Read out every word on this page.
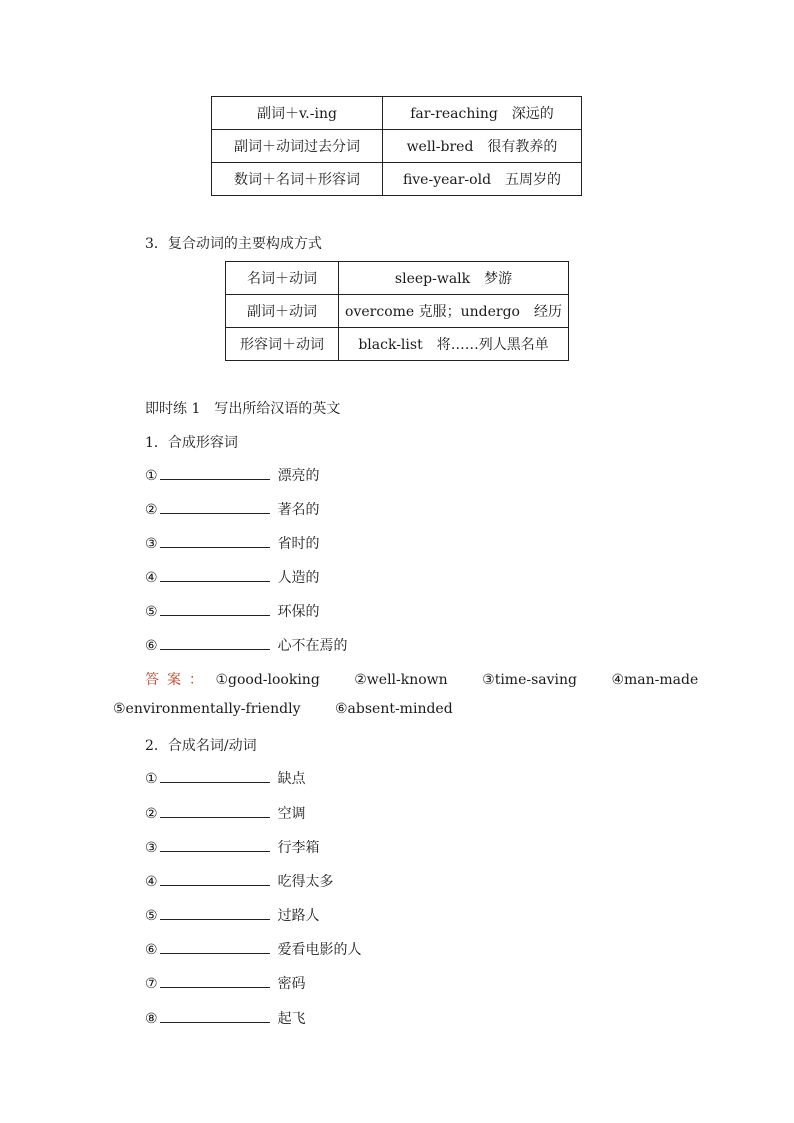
副词＋v.-ing	far-reaching　深远的
副词＋动词过去分词	well-bred　很有教养的
数词＋名词＋形容词	five-year-old　五周岁的
3．复合动词的主要构成方式
名词＋动词	sleep-walk　梦游
副词＋动词	overcome 克服；undergo　经历
形容词＋动词	black-list　将……列人黑名单
即时练 1　写出所给汉语的英文
1．合成形容词
①	漂亮的
②	著名的
③	省时的
④	人造的
⑤	环保的
⑥	心不在焉的
答案： ①good-looking ②well-known ③time-saving ④man-made
⑤environmentally-friendly ⑥absent-minded
2．合成名词/动词
①	缺点
②	空调
③	行李箱
④	吃得太多
⑤	过路人
⑥	爱看电影的人
⑦	密码
⑧	起飞
